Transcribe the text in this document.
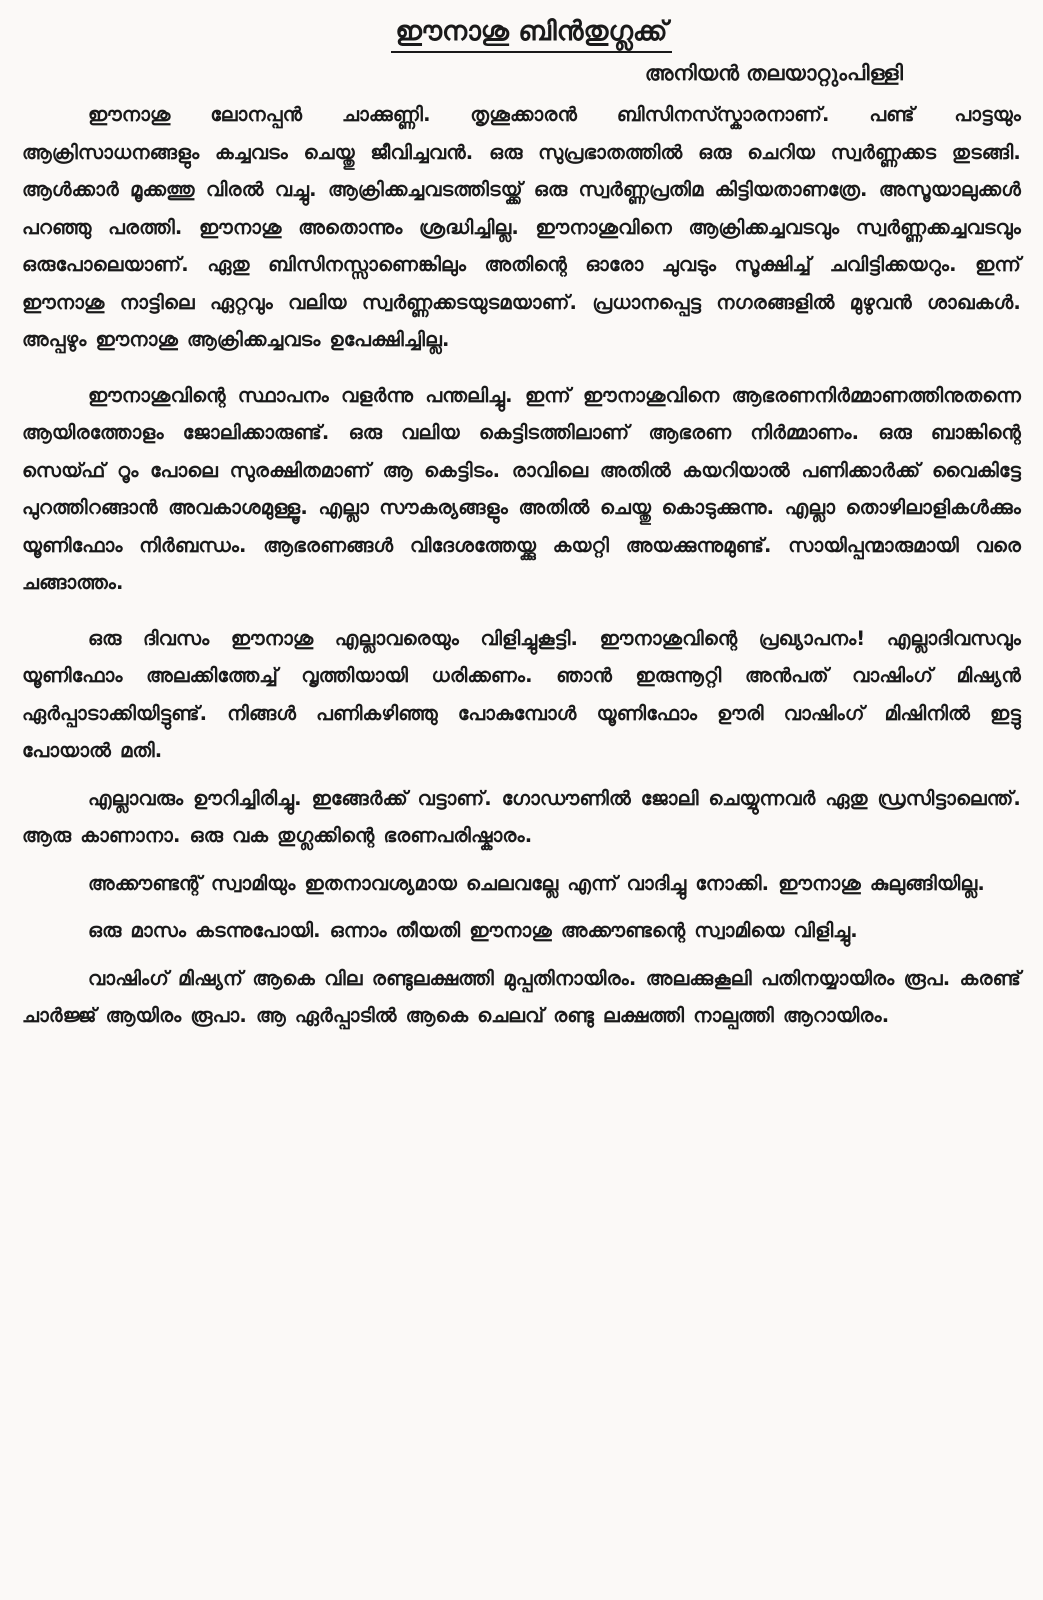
ഈനാശു ബിൻതുഗ്ലക്ക്
അനിയൻ തലയാറ്റുംപിള്ളി

ഈനാശു ലോനപ്പൻ ചാക്കുണ്ണി. തൃശൂക്കാരൻ ബിസിനസ്സ്കാരനാണ്. പണ്ട് പാട്ടയും ആക്രിസാധനങ്ങളും കച്ചവടം ചെയ്തു ജീവിച്ചവൻ. ഒരു സുപ്രഭാതത്തിൽ ഒരു ചെറിയ സ്വർണ്ണക്കട തുടങ്ങി. ആൾക്കാർ മൂക്കത്തു വിരൽ വച്ചു. ആക്രിക്കച്ചവടത്തിടയ്ക്ക് ഒരു സ്വർണ്ണപ്രതിമ കിട്ടിയതാണത്രേ. അസൂയാലുക്കൾ പറഞ്ഞു പരത്തി. ഈനാശു അതൊന്നും ശ്രദ്ധിച്ചില്ല. ഈനാശുവിനെ ആക്രിക്കച്ചവടവും സ്വർണ്ണക്കച്ചവടവും ഒരുപോലെയാണ്. ഏതു ബിസിനസ്സാണെങ്കിലും അതിന്റെ ഓരോ ചുവടും സൂക്ഷിച്ച് ചവിട്ടിക്കയറും. ഇന്ന് ഈനാശു നാട്ടിലെ ഏറ്റവും വലിയ സ്വർണ്ണക്കടയുടമയാണ്. പ്രധാനപ്പെട്ട നഗരങ്ങളിൽ മുഴുവൻ ശാഖകൾ. അപ്പഴും ഈനാശു ആക്രിക്കച്ചവടം ഉപേക്ഷിച്ചില്ല.

ഈനാശുവിന്റെ സ്ഥാപനം വളർന്നു പന്തലിച്ചു. ഇന്ന് ഈനാശുവിനെ ആഭരണനിർമ്മാണത്തിനുതന്നെ ആയിരത്തോളം ജോലിക്കാരുണ്ട്. ഒരു വലിയ കെട്ടിടത്തിലാണ് ആഭരണ നിർമ്മാണം. ഒരു ബാങ്കിന്റെ സെയ്ഫ് റൂം പോലെ സുരക്ഷിതമാണ് ആ കെട്ടിടം. രാവിലെ അതിൽ കയറിയാൽ പണിക്കാർക്ക് വൈകിട്ടേ പുറത്തിറങ്ങാൻ അവകാശമുള്ളൂ. എല്ലാ സൗകര്യങ്ങളും അതിൽ ചെയ്തു കൊടുക്കുന്നു. എല്ലാ തൊഴിലാളികൾക്കും യൂണിഫോം നിർബന്ധം. ആഭരണങ്ങൾ വിദേശത്തേയ്ക്കു കയറ്റി അയക്കുന്നുമുണ്ട്. സായിപ്പന്മാരുമായി വരെ ചങ്ങാത്തം.

ഒരു ദിവസം ഈനാശു എല്ലാവരെയും വിളിച്ചുകൂട്ടി. ഈനാശുവിന്റെ പ്രഖ്യാപനം! എല്ലാദിവസവും യൂണിഫോം അലക്കിത്തേച്ച് വൃത്തിയായി ധരിക്കണം. ഞാൻ ഇരുന്നൂറ്റി അൻപത് വാഷിംഗ് മിഷ്യൻ ഏർപ്പാടാക്കിയിട്ടുണ്ട്. നിങ്ങൾ പണികഴിഞ്ഞു പോകുമ്പോൾ യൂണിഫോം ഊരി വാഷിംഗ് മിഷിനിൽ ഇട്ടു പോയാൽ മതി.

എല്ലാവരും ഊറിച്ചിരിച്ചു. ഇങ്ങേർക്ക് വട്ടാണ്. ഗോഡൗണിൽ ജോലി ചെയ്യുന്നവർ ഏതു ഡ്രസിട്ടാലെന്ത്. ആരു കാണാനാ. ഒരു വക തുഗ്ലക്കിന്റെ ഭരണപരിഷ്കാരം.

അക്കൗണ്ടന്റ് സ്വാമിയും ഇതനാവശ്യമായ ചെലവല്ലേ എന്ന് വാദിച്ചു നോക്കി. ഈനാശു കുലുങ്ങിയില്ല.

ഒരു മാസം കടന്നുപോയി. ഒന്നാം തീയതി ഈനാശു അക്കൗണ്ടന്റെ സ്വാമിയെ വിളിച്ചു.

വാഷിംഗ് മിഷ്യന് ആകെ വില രണ്ടുലക്ഷത്തി മുപ്പതിനായിരം. അലക്കുകൂലി പതിനയ്യായിരം രൂപ. കരണ്ട് ചാർജ്ജ് ആയിരം രൂപാ. ആ ഏർപ്പാടിൽ ആകെ ചെലവ് രണ്ടു ലക്ഷത്തി നാല്പത്തി ആറായിരം.
